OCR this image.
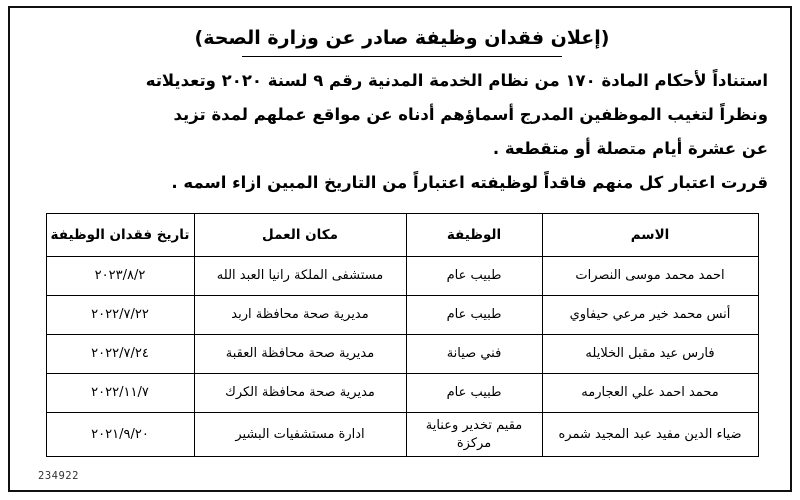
(إعلان فقدان وظيفة صادر عن وزارة الصحة)

استناداً لأحكام المادة ١٧٠ من نظام الخدمة المدنية رقم ٩ لسنة ٢٠٢٠ وتعديلاته

ونظراً لتغيب الموظفين المدرج أسماؤهم أدناه عن مواقع عملهم لمدة تزيد

عن عشرة أيام متصلة أو متقطعة .

قررت اعتبار كل منهم فاقداً لوظيفته اعتباراً من التاريخ المبين ازاء اسمه .

الاسم	الوظيفة	مكان العمل	تاريخ فقدان الوظيفة
احمد محمد موسى النصرات	طبيب عام	مستشفى الملكة رانيا العبد الله	٢٠٢٣/٨/٢
أنس محمد خير مرعي حيفاوي	طبيب عام	مديرية صحة محافظة اربد	٢٠٢٢/٧/٢٢
فارس عيد مقبل الخلايله	فني صيانة	مديرية صحة محافظة العقبة	٢٠٢٢/٧/٢٤
محمد احمد علي العجارمه	طبيب عام	مديرية صحة محافظة الكرك	٢٠٢٢/١١/٧
ضياء الدين مفيد عبد المجيد شمره	مقيم تخدير وعناية مركزة	ادارة مستشفيات البشير	٢٠٢١/٩/٢٠
234922
